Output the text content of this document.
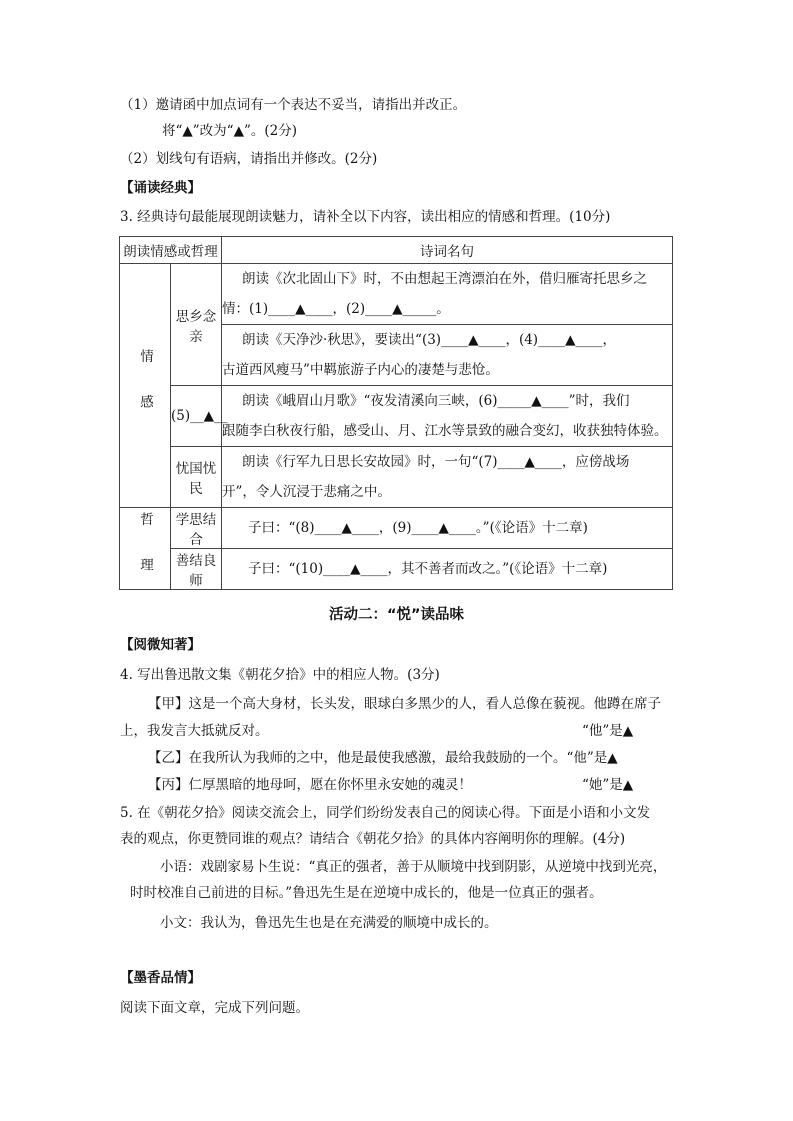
（1）邀请函中加点词有一个表达不妥当，请指出并改正。
将“▲”改为“▲”。(2分)
（2）划线句有语病，请指出并修改。(2分)
【诵读经典】
3. 经典诗句最能展现朗读魅力，请补全以下内容，读出相应的情感和哲理。(10分)
朗读情感或哲理		诗词名句

情 感	思乡念亲	朗读《次北固山下》时，不由想起王湾漂泊在外，借归雁寄托思乡之
情：(1)____▲____，(2)____▲_____。

		朗读《天净沙·秋思》，要读出“(3)____▲____，(4)____▲____，
古道西风瘦马”中羁旅游子内心的凄楚与悲怆。

	(5)__▲__	朗读《峨眉山月歌》“夜发清溪向三峡，(6)_____▲____”时，我们
跟随李白秋夜行船，感受山、月、江水等景致的融合变幻，收获独特体验。

	忧国忧民	朗读《行军九日思长安故园》时，一句“(7)____▲____，应傍战场
开”，令人沉浸于悲痛之中。

哲 理	学思结合	子曰：“(8)____▲____，(9)____▲____。”(《论语》十二章)
	善结良师	子曰：“(10)____▲____，其不善者而改之。”(《论语》十二章)
活动二：“悦”读品味
【阅微知著】
4. 写出鲁迅散文集《朝花夕拾》中的相应人物。(3分)
【甲】这是一个高大身材，长头发，眼球白多黑少的人，看人总像在藐视。他蹲在席子
上，我发言大抵就反对。	“他”是▲
【乙】在我所认为我师的之中，他是最使我感激，最给我鼓励的一个。“他”是▲
【丙】仁厚黑暗的地母呵，愿在你怀里永安她的魂灵！	“她”是▲
5. 在《朝花夕拾》阅读交流会上，同学们纷纷发表自己的阅读心得。下面是小语和小文发
表的观点，你更赞同谁的观点？请结合《朝花夕拾》的具体内容阐明你的理解。(4分)
小语：戏剧家易卜生说：“真正的强者，善于从顺境中找到阴影，从逆境中找到光亮，
时时校准自己前进的目标。”鲁迅先生是在逆境中成长的，他是一位真正的强者。
小文：我认为，鲁迅先生也是在充满爱的顺境中成长的。
【墨香品情】
阅读下面文章，完成下列问题。
